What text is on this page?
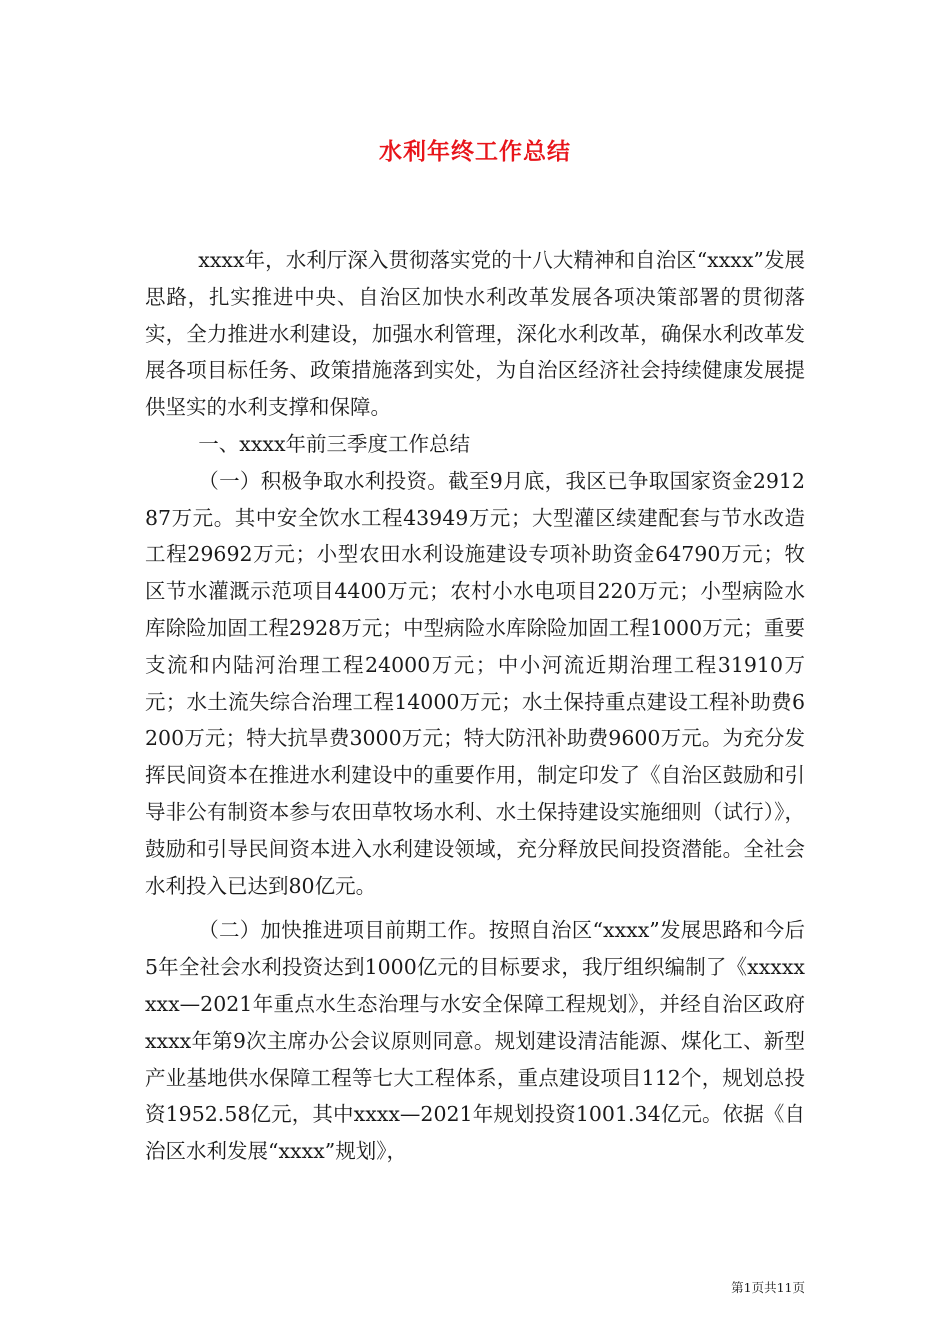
水利年终工作总结

xxxx年，水利厅深入贯彻落实党的十八大精神和自治区“xxxx”发展思路，扎实推进中央、自治区加快水利改革发展各项决策部署的贯彻落实，全力推进水利建设，加强水利管理，深化水利改革，确保水利改革发展各项目标任务、政策措施落到实处，为自治区经济社会持续健康发展提供坚实的水利支撑和保障。

一、xxxx年前三季度工作总结

（一）积极争取水利投资。截至9月底，我区已争取国家资金291287万元。其中安全饮水工程43949万元；大型灌区续建配套与节水改造工程29692万元；小型农田水利设施建设专项补助资金64790万元；牧区节水灌溉示范项目4400万元；农村小水电项目220万元；小型病险水库除险加固工程2928万元；中型病险水库除险加固工程1000万元；重要支流和内陆河治理工程24000万元；中小河流近期治理工程31910万元；水土流失综合治理工程14000万元；水土保持重点建设工程补助费6200万元；特大抗旱费3000万元；特大防汛补助费9600万元。为充分发挥民间资本在推进水利建设中的重要作用，制定印发了《自治区鼓励和引导非公有制资本参与农田草牧场水利、水土保持建设实施细则（试行）》，鼓励和引导民间资本进入水利建设领域，充分释放民间投资潜能。全社会水利投入已达到80亿元。

（二）加快推进项目前期工作。按照自治区“xxxx”发展思路和今后5年全社会水利投资达到1000亿元的目标要求，我厅组织编制了《xxxxxxxx—2021年重点水生态治理与水安全保障工程规划》，并经自治区政府xxxx年第9次主席办公会议原则同意。规划建设清洁能源、煤化工、新型产业基地供水保障工程等七大工程体系，重点建设项目112个，规划总投资1952.58亿元，其中xxxx—2021年规划投资1001.34亿元。依据《自治区水利发展“xxxx”规划》，

第1页共11页
